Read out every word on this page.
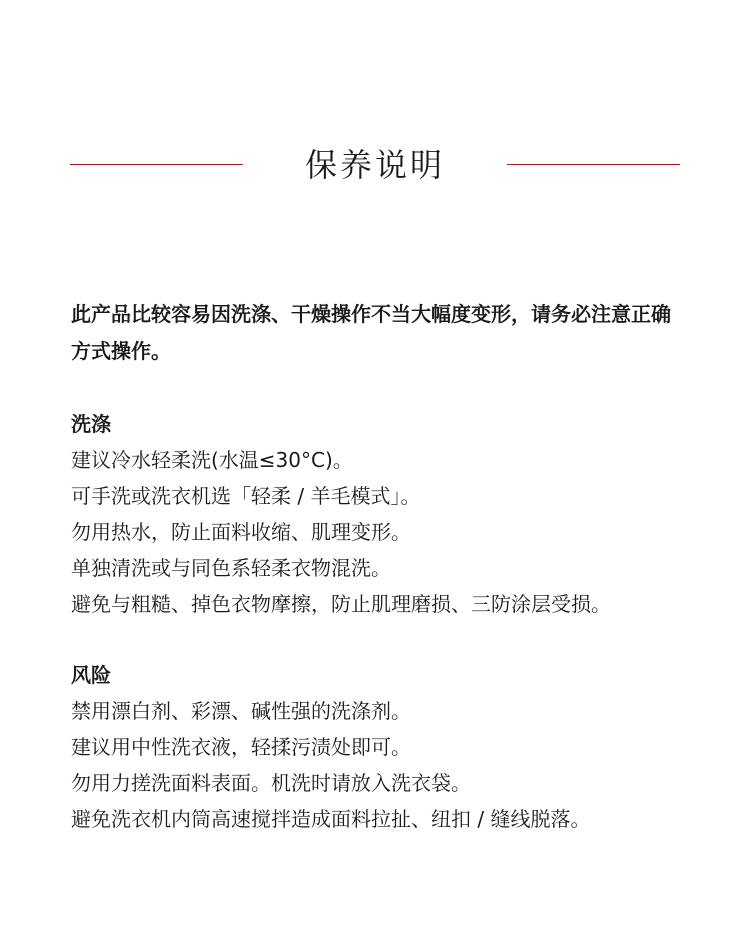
保养说明

此产品比较容易因洗涤、干燥操作不当大幅度变形，请务必注意正确方式操作。

洗涤
建议冷水轻柔洗(水温≤30°C)。
可手洗或洗衣机选「轻柔 / 羊毛模式」。
勿用热水，防止面料收缩、肌理变形。
单独清洗或与同色系轻柔衣物混洗。
避免与粗糙、掉色衣物摩擦，防止肌理磨损、三防涂层受损。
风险
禁用漂白剂、彩漂、碱性强的洗涤剂。
建议用中性洗衣液，轻揉污渍处即可。
勿用力搓洗面料表面。机洗时请放入洗衣袋。
避免洗衣机内筒高速搅拌造成面料拉扯、纽扣 / 缝线脱落。
